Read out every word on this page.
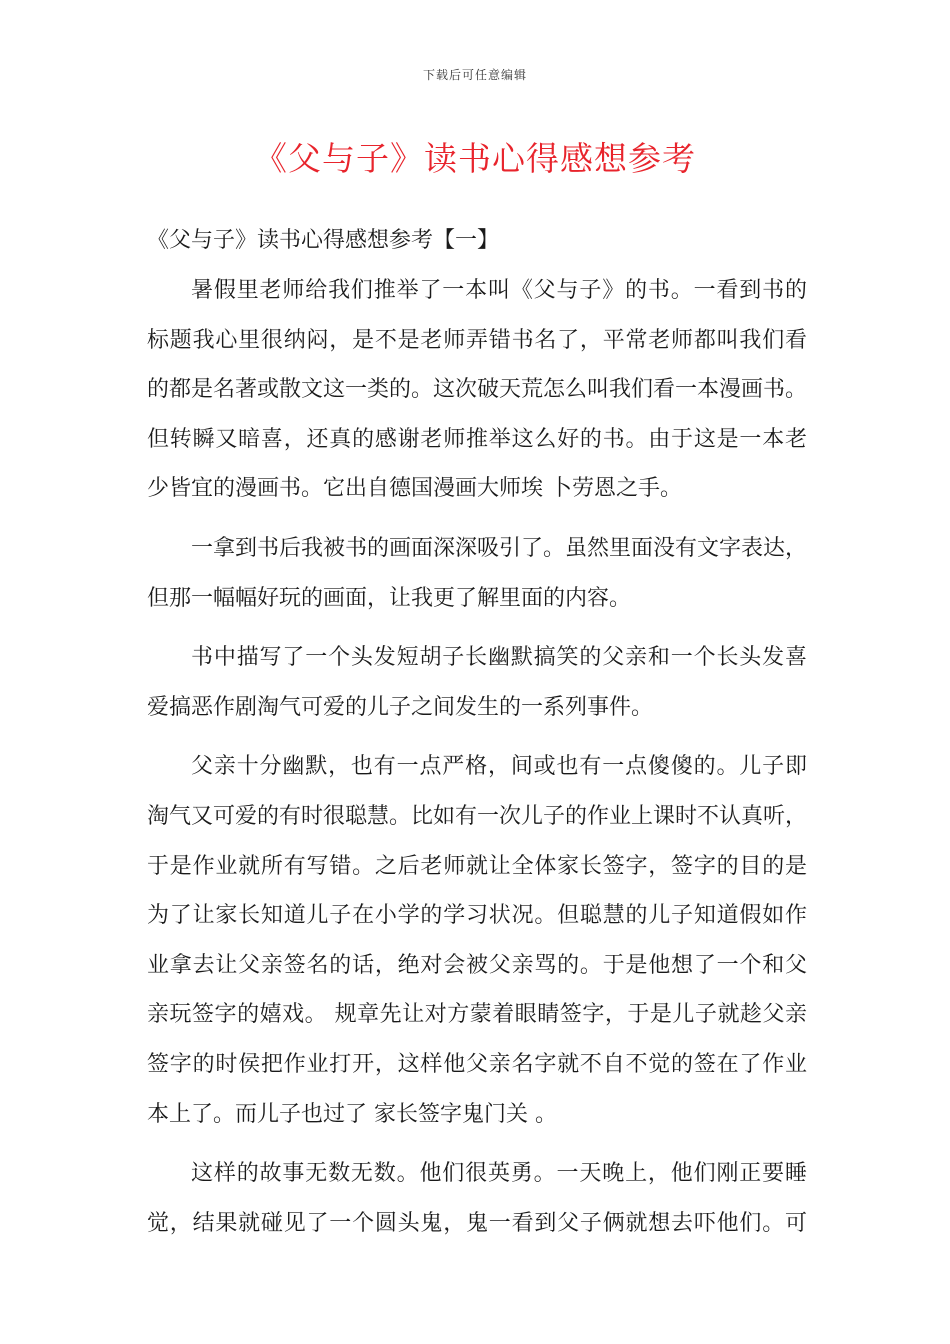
下载后可任意编辑
《父与子》读书心得感想参考
《父与子》读书心得感想参考【一】
暑假里老师给我们推举了一本叫《父与子》的书。一看到书的
标题我心里很纳闷，是不是老师弄错书名了，平常老师都叫我们看
的都是名著或散文这一类的。这次破天荒怎么叫我们看一本漫画书。
但转瞬又暗喜，还真的感谢老师推举这么好的书。由于这是一本老
少皆宜的漫画书。它出自德国漫画大师埃 卜劳恩之手。
一拿到书后我被书的画面深深吸引了。虽然里面没有文字表达，
但那一幅幅好玩的画面，让我更了解里面的内容。
书中描写了一个头发短胡子长幽默搞笑的父亲和一个长头发喜
爱搞恶作剧淘气可爱的儿子之间发生的一系列事件。
父亲十分幽默，也有一点严格，间或也有一点傻傻的。儿子即
淘气又可爱的有时很聪慧。比如有一次儿子的作业上课时不认真听，
于是作业就所有写错。之后老师就让全体家长签字，签字的目的是
为了让家长知道儿子在小学的学习状况。但聪慧的儿子知道假如作
业拿去让父亲签名的话，绝对会被父亲骂的。于是他想了一个和父
亲玩签字的嬉戏。 规章先让对方蒙着眼睛签字，于是儿子就趁父亲
签字的时侯把作业打开，这样他父亲名字就不自不觉的签在了作业
本上了。而儿子也过了 家长签字鬼门关 。
这样的故事无数无数。他们很英勇。一天晚上，他们刚正要睡
觉，结果就碰见了一个圆头鬼，鬼一看到父子俩就想去吓他们。可
